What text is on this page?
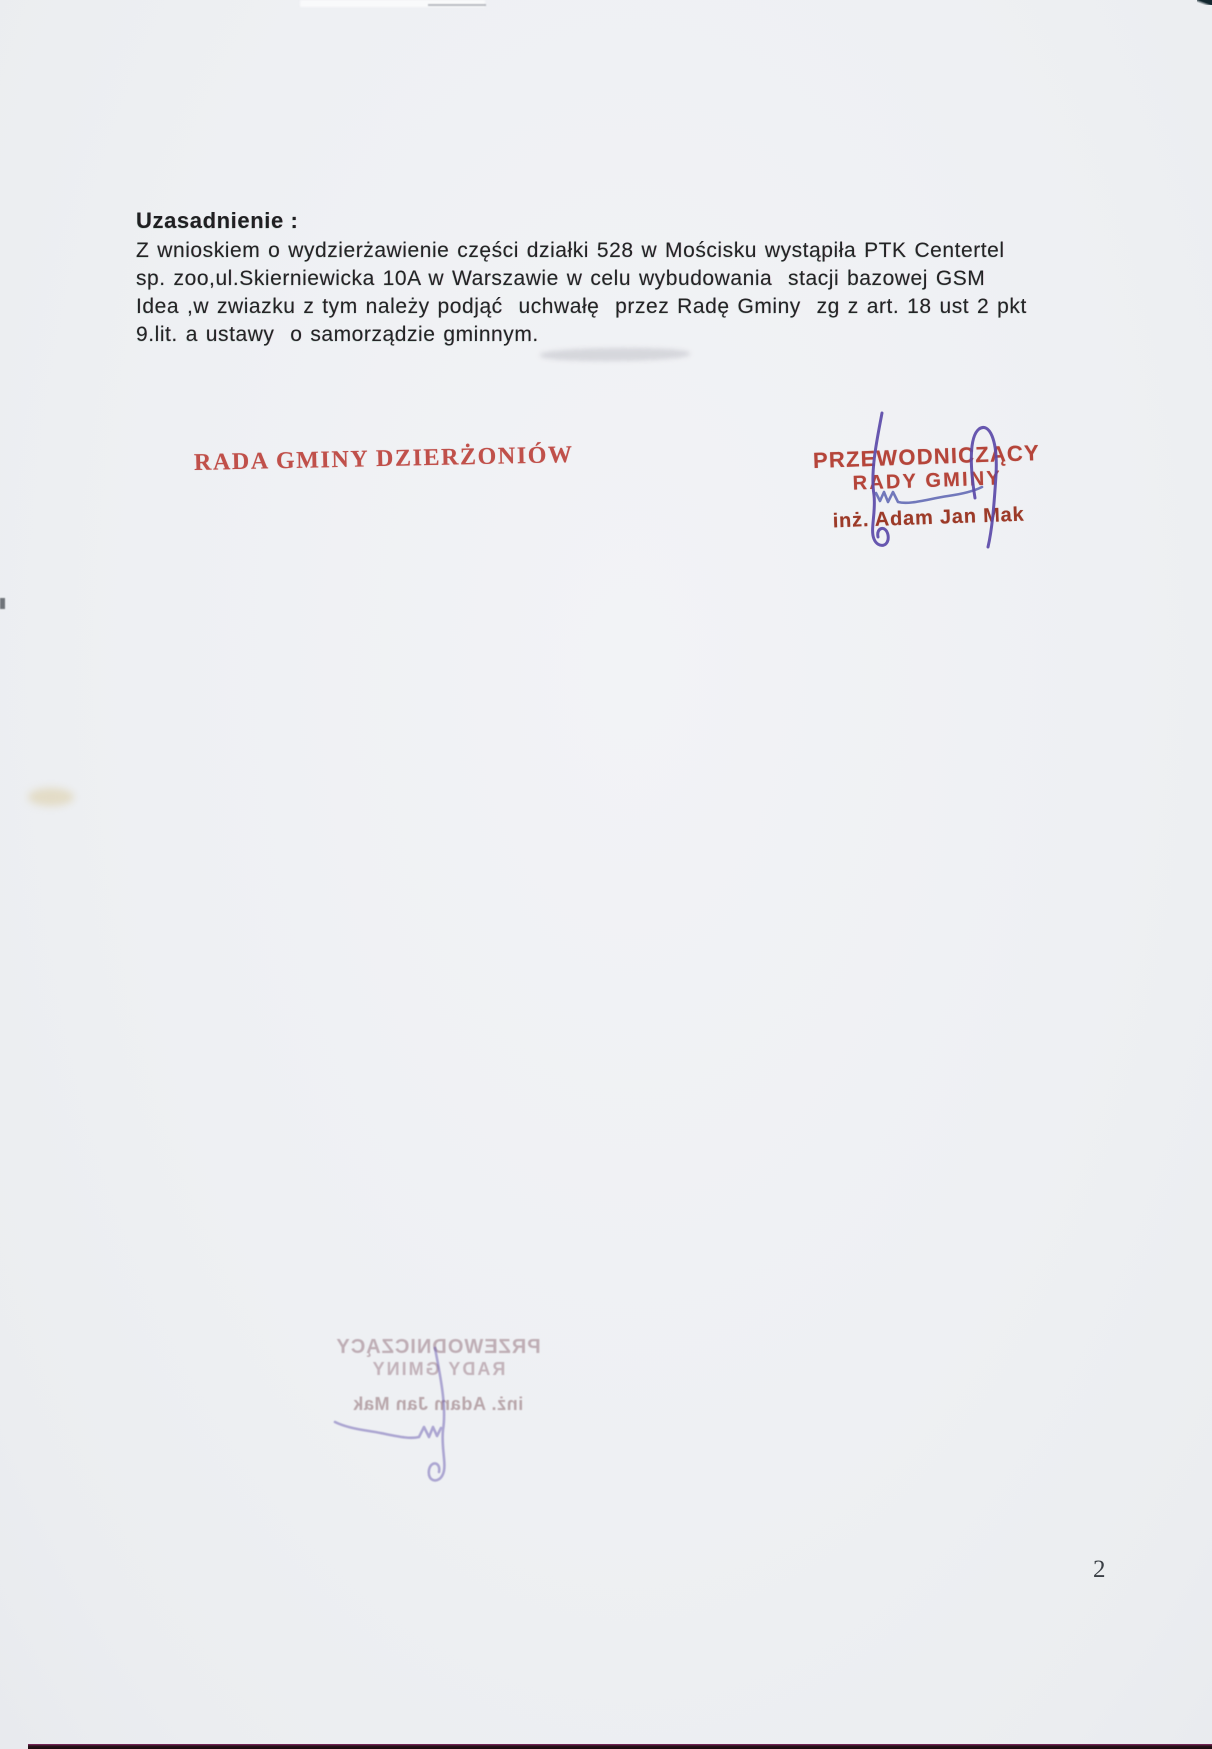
Uzasadnienie :
Z wnioskiem o wydzierżawienie części działki 528 w Mościsku wystąpiła PTK Centertel
sp. zoo,ul.Skierniewicka 10A w Warszawie w celu wybudowania  stacji bazowej GSM
Idea ,w zwiazku z tym należy podjąć  uchwałę  przez Radę Gminy  zg z art. 18 ust 2 pkt
9.lit. a ustawy  o samorządzie gminnym.
RADA GMINY DZIERŻONIÓW	PRZEWODNICZĄCY
RADY GMINY
inż. Adam Jan Mak
PRZEWODNICZĄCY
RADY GMINY
inż. Adam Jan Mak
2
